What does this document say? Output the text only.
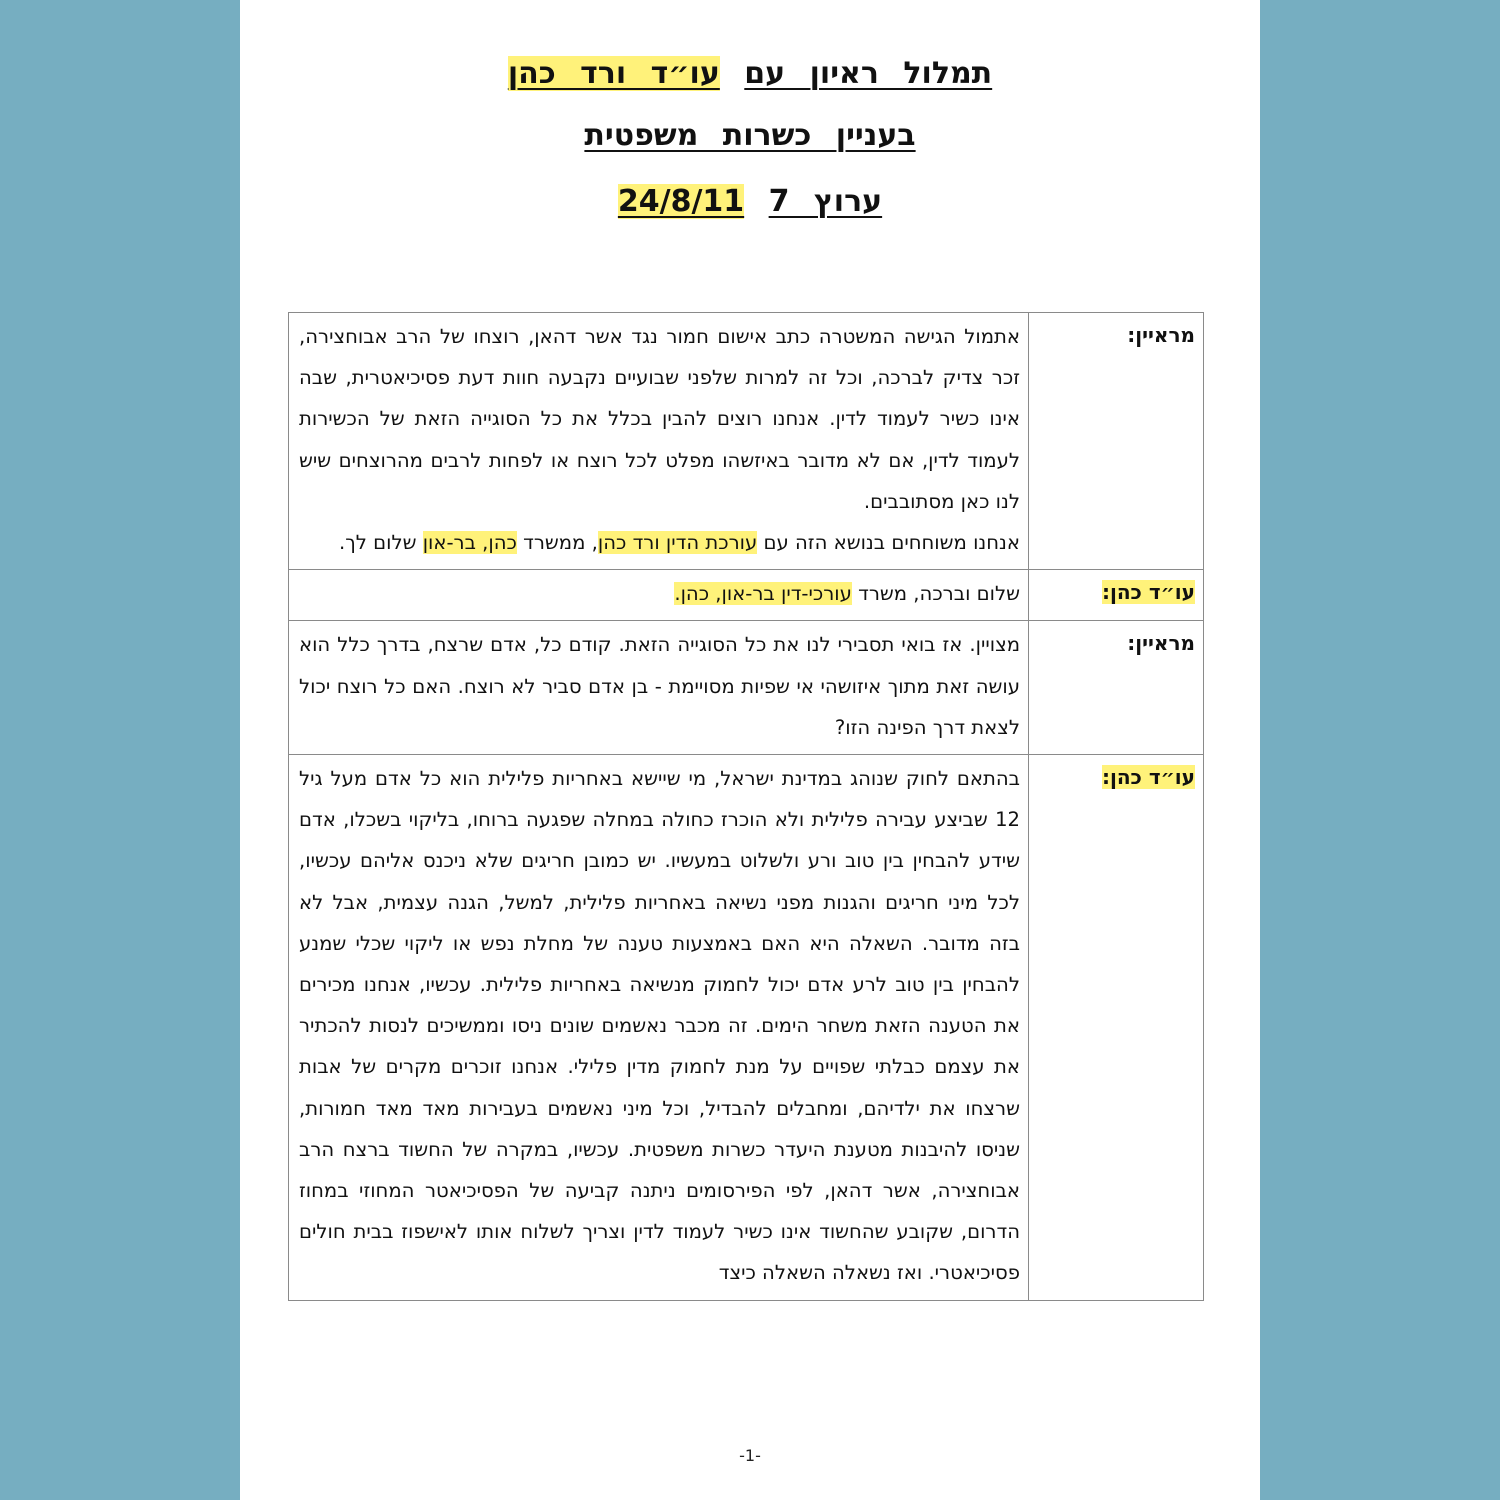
תמלול ראיון עם עו״ד ורד כהן
בעניין כשרות משפטית
ערוץ 7 24/8/11
מראיין:	אתמול הגישה המשטרה כתב אישום חמור נגד אשר דהאן, רוצחו של הרב אבוחצירה, זכר צדיק לברכה, וכל זה למרות שלפני שבועיים נקבעה חוות דעת פסיכיאטרית, שבה אינו כשיר לעמוד לדין. אנחנו רוצים להבין בכלל את כל הסוגייה הזאת של הכשירות לעמוד לדין, אם לא מדובר באיזשהו מפלט לכל רוצח או לפחות לרבים מהרוצחים שיש לנו כאן מסתובבים.

אנחנו משוחחים בנושא הזה עם עורכת הדין ורד כהן, ממשרד כהן, בר-און שלום לך.

עו״ד כהן:	שלום וברכה, משרד עורכי-דין בר-און, כהן.

מראיין:	מצויין. אז בואי תסבירי לנו את כל הסוגייה הזאת. קודם כל, אדם שרצח, בדרך כלל הוא עושה זאת מתוך איזושהי אי שפיות מסויימת - בן אדם סביר לא רוצח. האם כל רוצח יכול לצאת דרך הפינה הזו?

עו״ד כהן:	בהתאם לחוק שנוהג במדינת ישראל, מי שיישא באחריות פלילית הוא כל אדם מעל גיל 12 שביצע עבירה פלילית ולא הוכרז כחולה במחלה שפגעה ברוחו, בליקוי בשכלו, אדם שידע להבחין בין טוב ורע ולשלוט במעשיו. יש כמובן חריגים שלא ניכנס אליהם עכשיו, לכל מיני חריגים והגנות מפני נשיאה באחריות פלילית, למשל, הגנה עצמית, אבל לא בזה מדובר. השאלה היא האם באמצעות טענה של מחלת נפש או ליקוי שכלי שמנע להבחין בין טוב לרע אדם יכול לחמוק מנשיאה באחריות פלילית. עכשיו, אנחנו מכירים את הטענה הזאת משחר הימים. זה מכבר נאשמים שונים ניסו וממשיכים לנסות להכתיר את עצמם כבלתי שפויים על מנת לחמוק מדין פלילי. אנחנו זוכרים מקרים של אבות שרצחו את ילדיהם, ומחבלים להבדיל, וכל מיני נאשמים בעבירות מאד מאד חמורות, שניסו להיבנות מטענת היעדר כשרות משפטית. עכשיו, במקרה של החשוד ברצח הרב אבוחצירה, אשר דהאן, לפי הפירסומים ניתנה קביעה של הפסיכיאטר המחוזי במחוז הדרום, שקובע שהחשוד אינו כשיר לעמוד לדין וצריך לשלוח אותו לאישפוז בבית חולים פסיכיאטרי. ואז נשאלה השאלה כיצד

-1-
